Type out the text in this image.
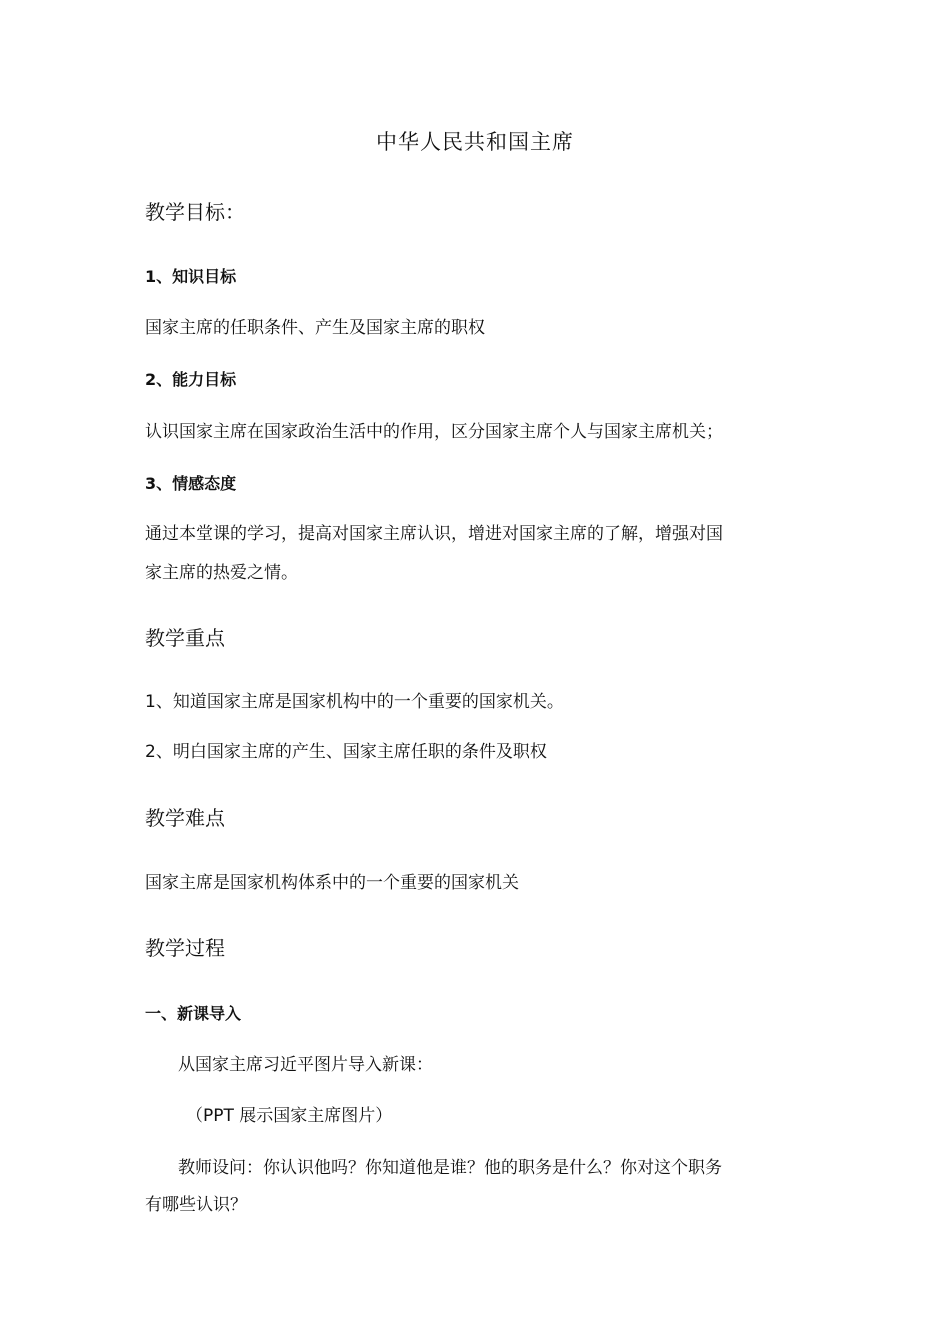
中华人民共和国主席
教学目标：
1、知识目标
国家主席的任职条件、产生及国家主席的职权
2、能力目标
认识国家主席在国家政治生活中的作用，区分国家主席个人与国家主席机关；
3、情感态度
通过本堂课的学习，提高对国家主席认识，增进对国家主席的了解，增强对国
家主席的热爱之情。
教学重点
1、知道国家主席是国家机构中的一个重要的国家机关。
2、明白国家主席的产生、国家主席任职的条件及职权
教学难点
国家主席是国家机构体系中的一个重要的国家机关
教学过程
一、新课导入
从国家主席习近平图片导入新课：
（PPT 展示国家主席图片）
教师设问：你认识他吗？你知道他是谁？他的职务是什么？你对这个职务
有哪些认识？
